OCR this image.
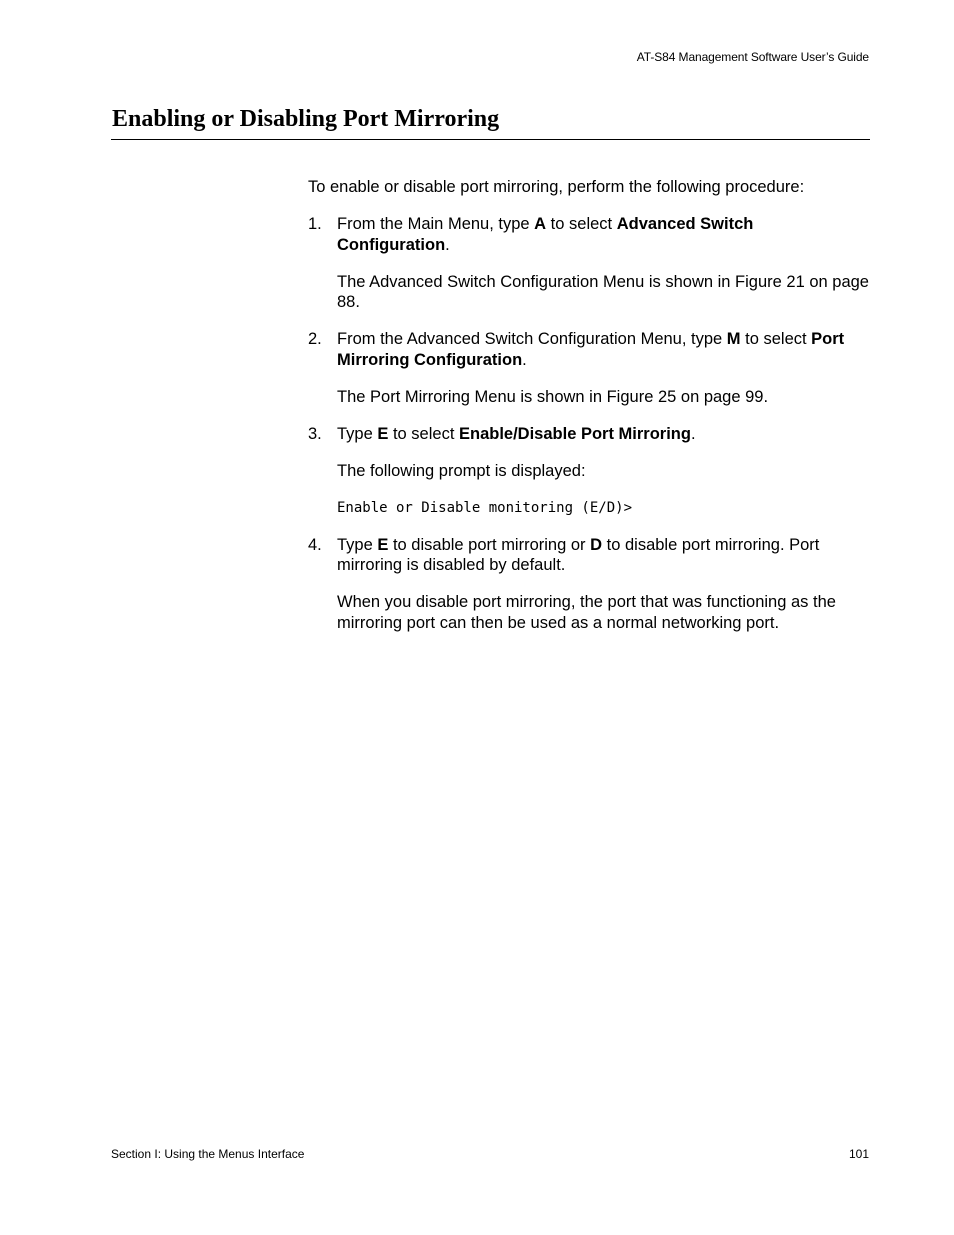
AT-S84 Management Software User’s Guide
Enabling or Disabling Port Mirroring

To enable or disable port mirroring, perform the following procedure:

1. From the Main Menu, type A to select Advanced Switch Configuration.

The Advanced Switch Configuration Menu is shown in Figure 21 on page 88.

2. From the Advanced Switch Configuration Menu, type M to select Port Mirroring Configuration.

The Port Mirroring Menu is shown in Figure 25 on page 99.

3. Type E to select Enable/Disable Port Mirroring.

The following prompt is displayed:

Enable or Disable monitoring (E/D)>

4. Type E to disable port mirroring or D to disable port mirroring. Port mirroring is disabled by default.

When you disable port mirroring, the port that was functioning as the mirroring port can then be used as a normal networking port.

Section I: Using the Menus Interface	101
